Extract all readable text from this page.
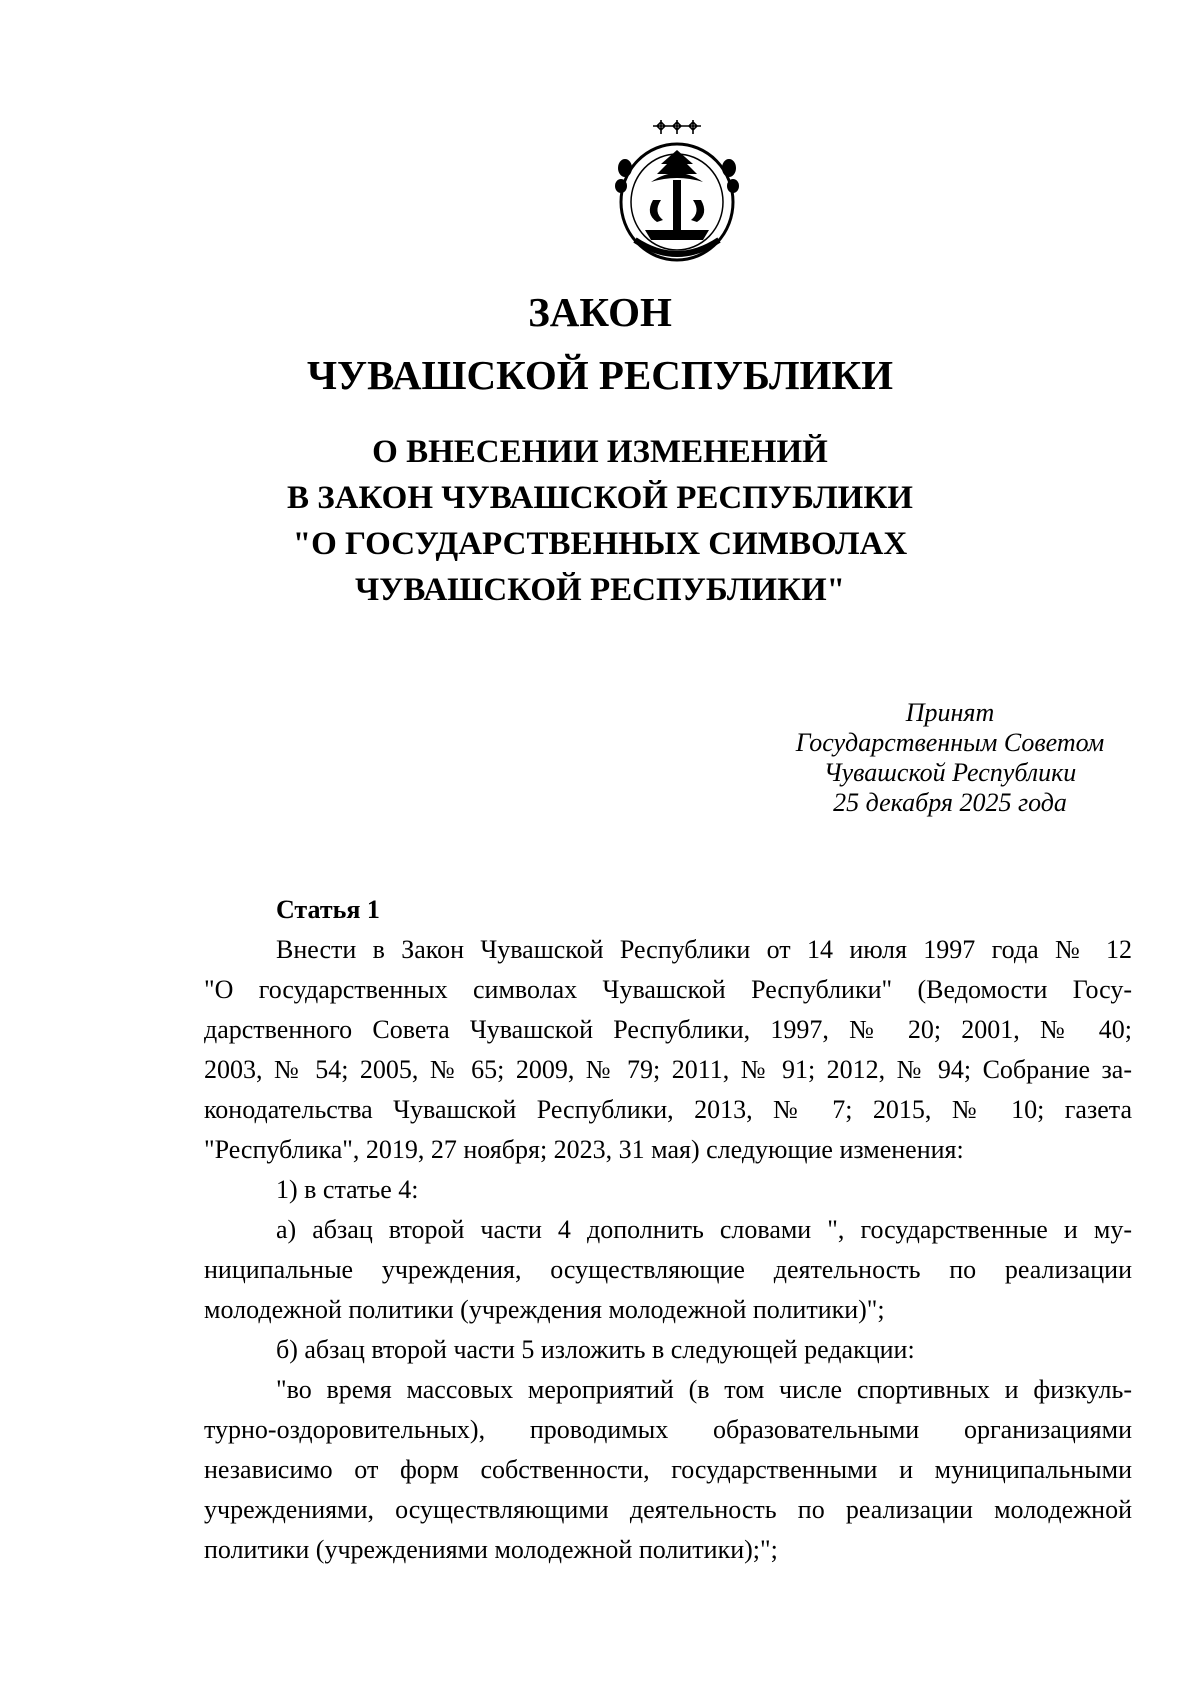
ЗАКОН
ЧУВАШСКОЙ РЕСПУБЛИКИ
О ВНЕСЕНИИ ИЗМЕНЕНИЙ
В ЗАКОН ЧУВАШСКОЙ РЕСПУБЛИКИ
"О ГОСУДАРСТВЕННЫХ СИМВОЛАХ
ЧУВАШСКОЙ РЕСПУБЛИКИ"
Принят
Государственным Советом
Чувашской Республики
25 декабря 2025 года
Статья 1
Внести в Закон Чувашской Республики от 14 июля 1997 года № 12
"О государственных символах Чувашской Республики" (Ведомости Госу-
дарственного Совета Чувашской Республики, 1997, № 20; 2001, № 40;
2003, № 54; 2005, № 65; 2009, № 79; 2011, № 91; 2012, № 94; Собрание за-
конодательства Чувашской Республики, 2013, № 7; 2015, № 10; газета
"Республика", 2019, 27 ноября; 2023, 31 мая) следующие изменения:
1) в статье 4:
а) абзац второй части 4 дополнить словами ", государственные и му-
ниципальные учреждения, осуществляющие деятельность по реализации
молодежной политики (учреждения молодежной политики)";
б) абзац второй части 5 изложить в следующей редакции:
"во время массовых мероприятий (в том числе спортивных и физкуль-
турно-оздоровительных), проводимых образовательными организациями
независимо от форм собственности, государственными и муниципальными
учреждениями, осуществляющими деятельность по реализации молодежной
политики (учреждениями молодежной политики);";
